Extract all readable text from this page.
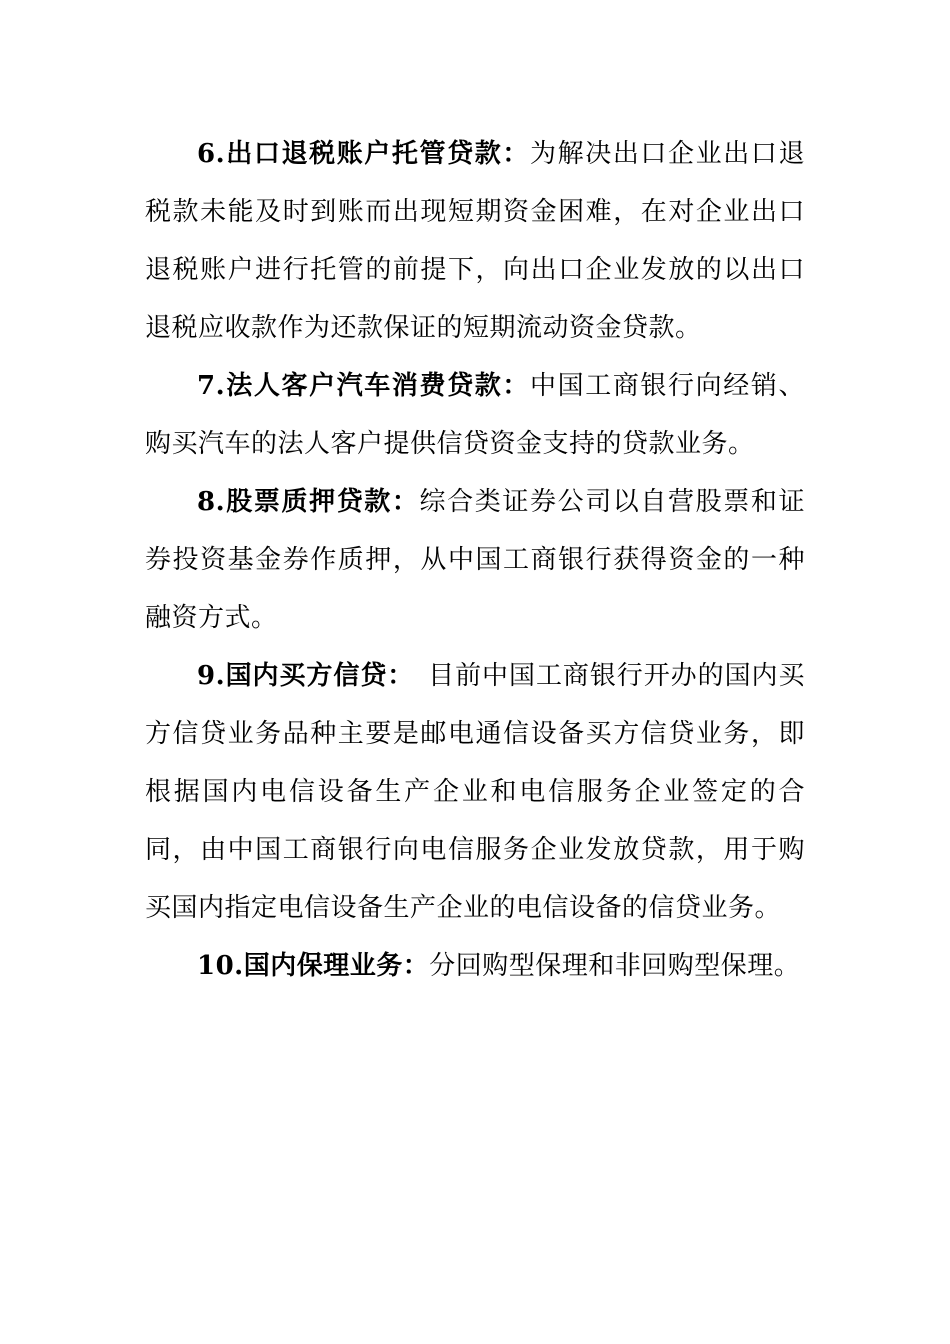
6.出口退税账户托管贷款：为解决出口企业出口退税款未能及时到账而出现短期资金困难，在对企业出口退税账户进行托管的前提下，向出口企业发放的以出口退税应收款作为还款保证的短期流动资金贷款。

7.法人客户汽车消费贷款：中国工商银行向经销、购买汽车的法人客户提供信贷资金支持的贷款业务。

8.股票质押贷款：综合类证券公司以自营股票和证券投资基金券作质押，从中国工商银行获得资金的一种融资方式。

9.国内买方信贷：　目前中国工商银行开办的国内买方信贷业务品种主要是邮电通信设备买方信贷业务，即根据国内电信设备生产企业和电信服务企业签定的合同，由中国工商银行向电信服务企业发放贷款，用于购买国内指定电信设备生产企业的电信设备的信贷业务。

10.国内保理业务：分回购型保理和非回购型保理。
